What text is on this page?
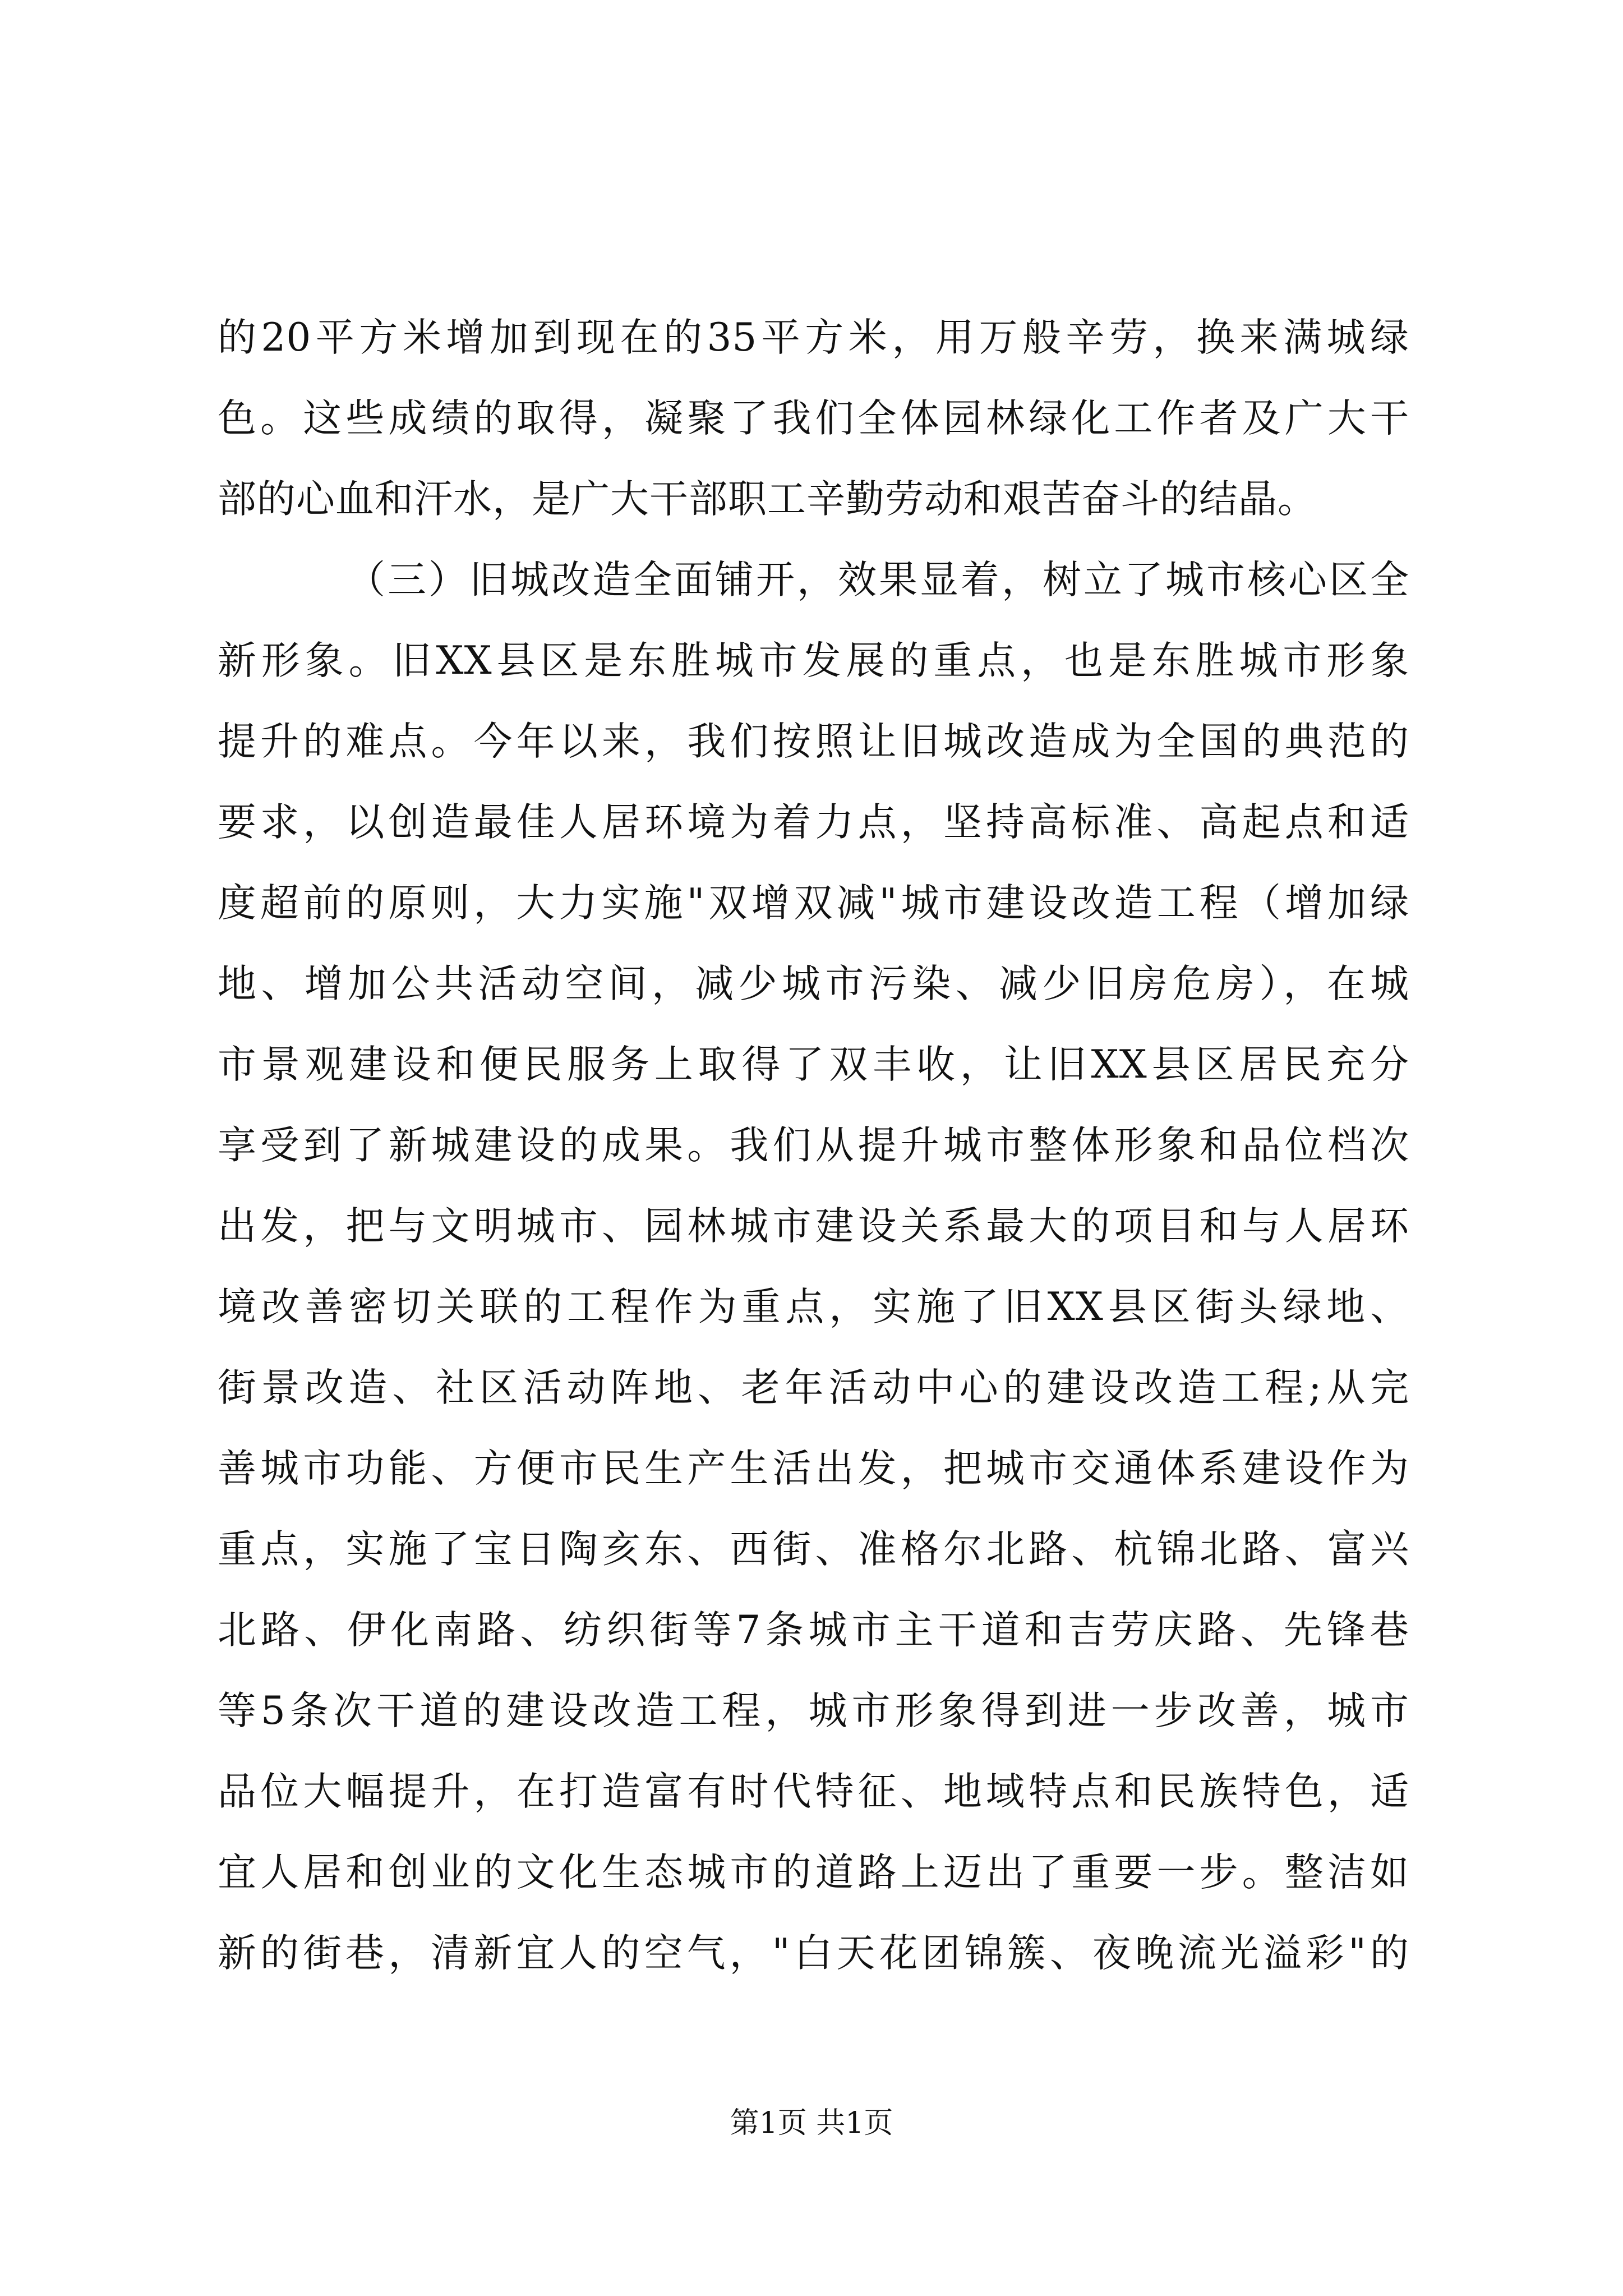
的20平方米增加到现在的35平方米，用万般辛劳，换来满城绿
色。这些成绩的取得，凝聚了我们全体园林绿化工作者及广大干
部的心血和汗水，是广大干部职工辛勤劳动和艰苦奋斗的结晶。
（三）旧城改造全面铺开，效果显着，树立了城市核心区全
新形象。旧XX县区是东胜城市发展的重点，也是东胜城市形象
提升的难点。今年以来，我们按照让旧城改造成为全国的典范的
要求，以创造最佳人居环境为着力点，坚持高标准、高起点和适
度超前的原则，大力实施"双增双减"城市建设改造工程（增加绿
地、增加公共活动空间，减少城市污染、减少旧房危房），在城
市景观建设和便民服务上取得了双丰收，让旧XX县区居民充分
享受到了新城建设的成果。我们从提升城市整体形象和品位档次
出发，把与文明城市、园林城市建设关系最大的项目和与人居环
境改善密切关联的工程作为重点，实施了旧XX县区街头绿地、
街景改造、社区活动阵地、老年活动中心的建设改造工程;从完
善城市功能、方便市民生产生活出发，把城市交通体系建设作为
重点，实施了宝日陶亥东、西街、准格尔北路、杭锦北路、富兴
北路、伊化南路、纺织街等7条城市主干道和吉劳庆路、先锋巷
等5条次干道的建设改造工程，城市形象得到进一步改善，城市
品位大幅提升，在打造富有时代特征、地域特点和民族特色，适
宜人居和创业的文化生态城市的道路上迈出了重要一步。整洁如
新的街巷，清新宜人的空气，"白天花团锦簇、夜晚流光溢彩"的
第1页 共1页
